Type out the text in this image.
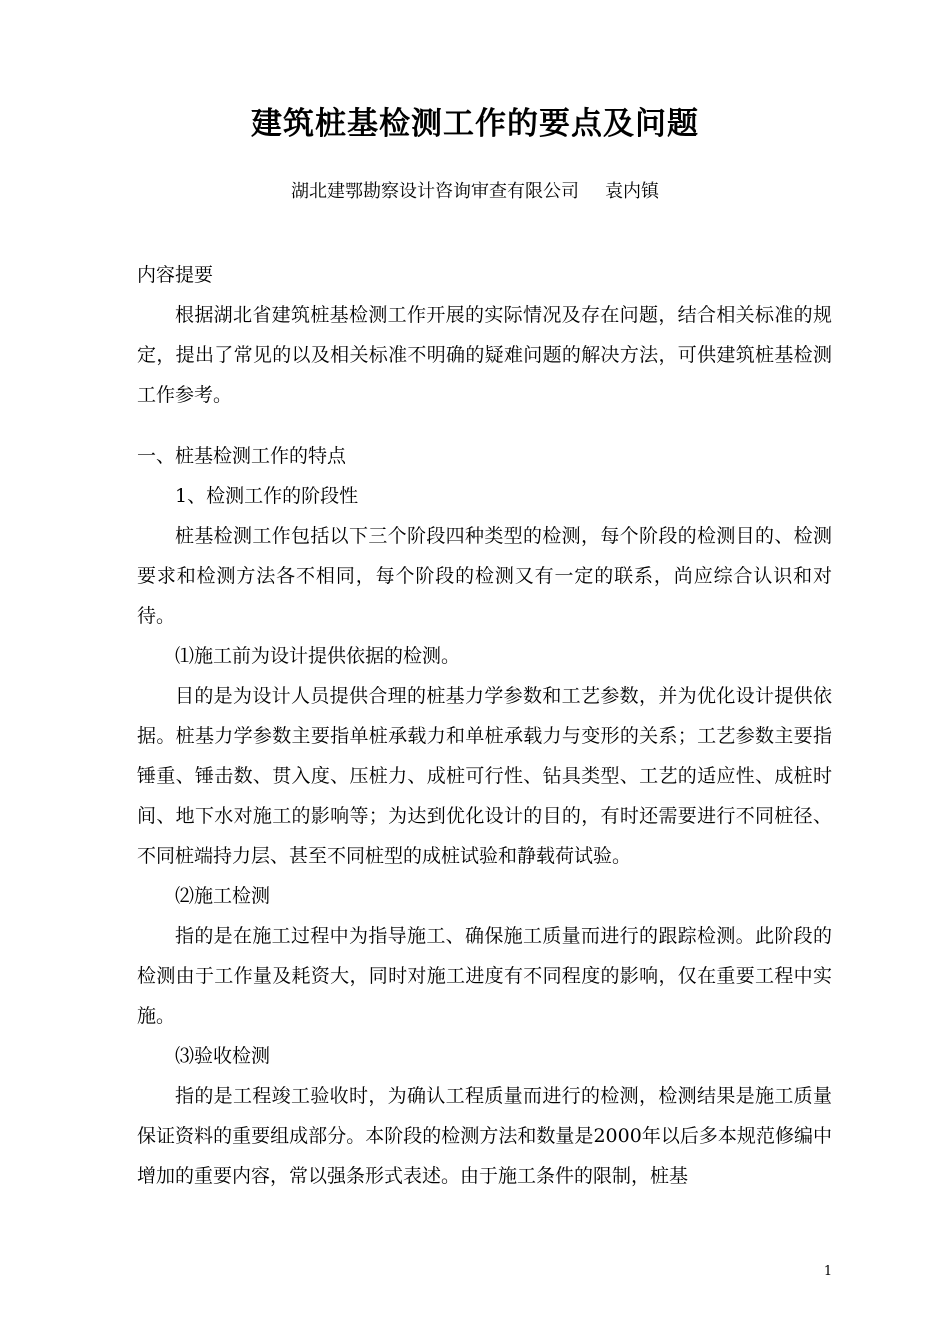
建筑桩基检测工作的要点及问题
湖北建鄂勘察设计咨询审查有限公司 袁内镇

内容提要

根据湖北省建筑桩基检测工作开展的实际情况及存在问题，结合相关标准的规定，提出了常见的以及相关标准不明确的疑难问题的解决方法，可供建筑桩基检测工作参考。

一、桩基检测工作的特点

1、检测工作的阶段性

桩基检测工作包括以下三个阶段四种类型的检测，每个阶段的检测目的、检测要求和检测方法各不相同，每个阶段的检测又有一定的联系，尚应综合认识和对待。

⑴施工前为设计提供依据的检测。

目的是为设计人员提供合理的桩基力学参数和工艺参数，并为优化设计提供依据。桩基力学参数主要指单桩承载力和单桩承载力与变形的关系；工艺参数主要指锤重、锤击数、贯入度、压桩力、成桩可行性、钻具类型、工艺的适应性、成桩时间、地下水对施工的影响等；为达到优化设计的目的，有时还需要进行不同桩径、不同桩端持力层、甚至不同桩型的成桩试验和静载荷试验。

⑵施工检测

指的是在施工过程中为指导施工、确保施工质量而进行的跟踪检测。此阶段的检测由于工作量及耗资大，同时对施工进度有不同程度的影响，仅在重要工程中实施。

⑶验收检测

指的是工程竣工验收时，为确认工程质量而进行的检测，检测结果是施工质量保证资料的重要组成部分。本阶段的检测方法和数量是2000年以后多本规范修编中增加的重要内容，常以强条形式表述。由于施工条件的限制，桩基

1
